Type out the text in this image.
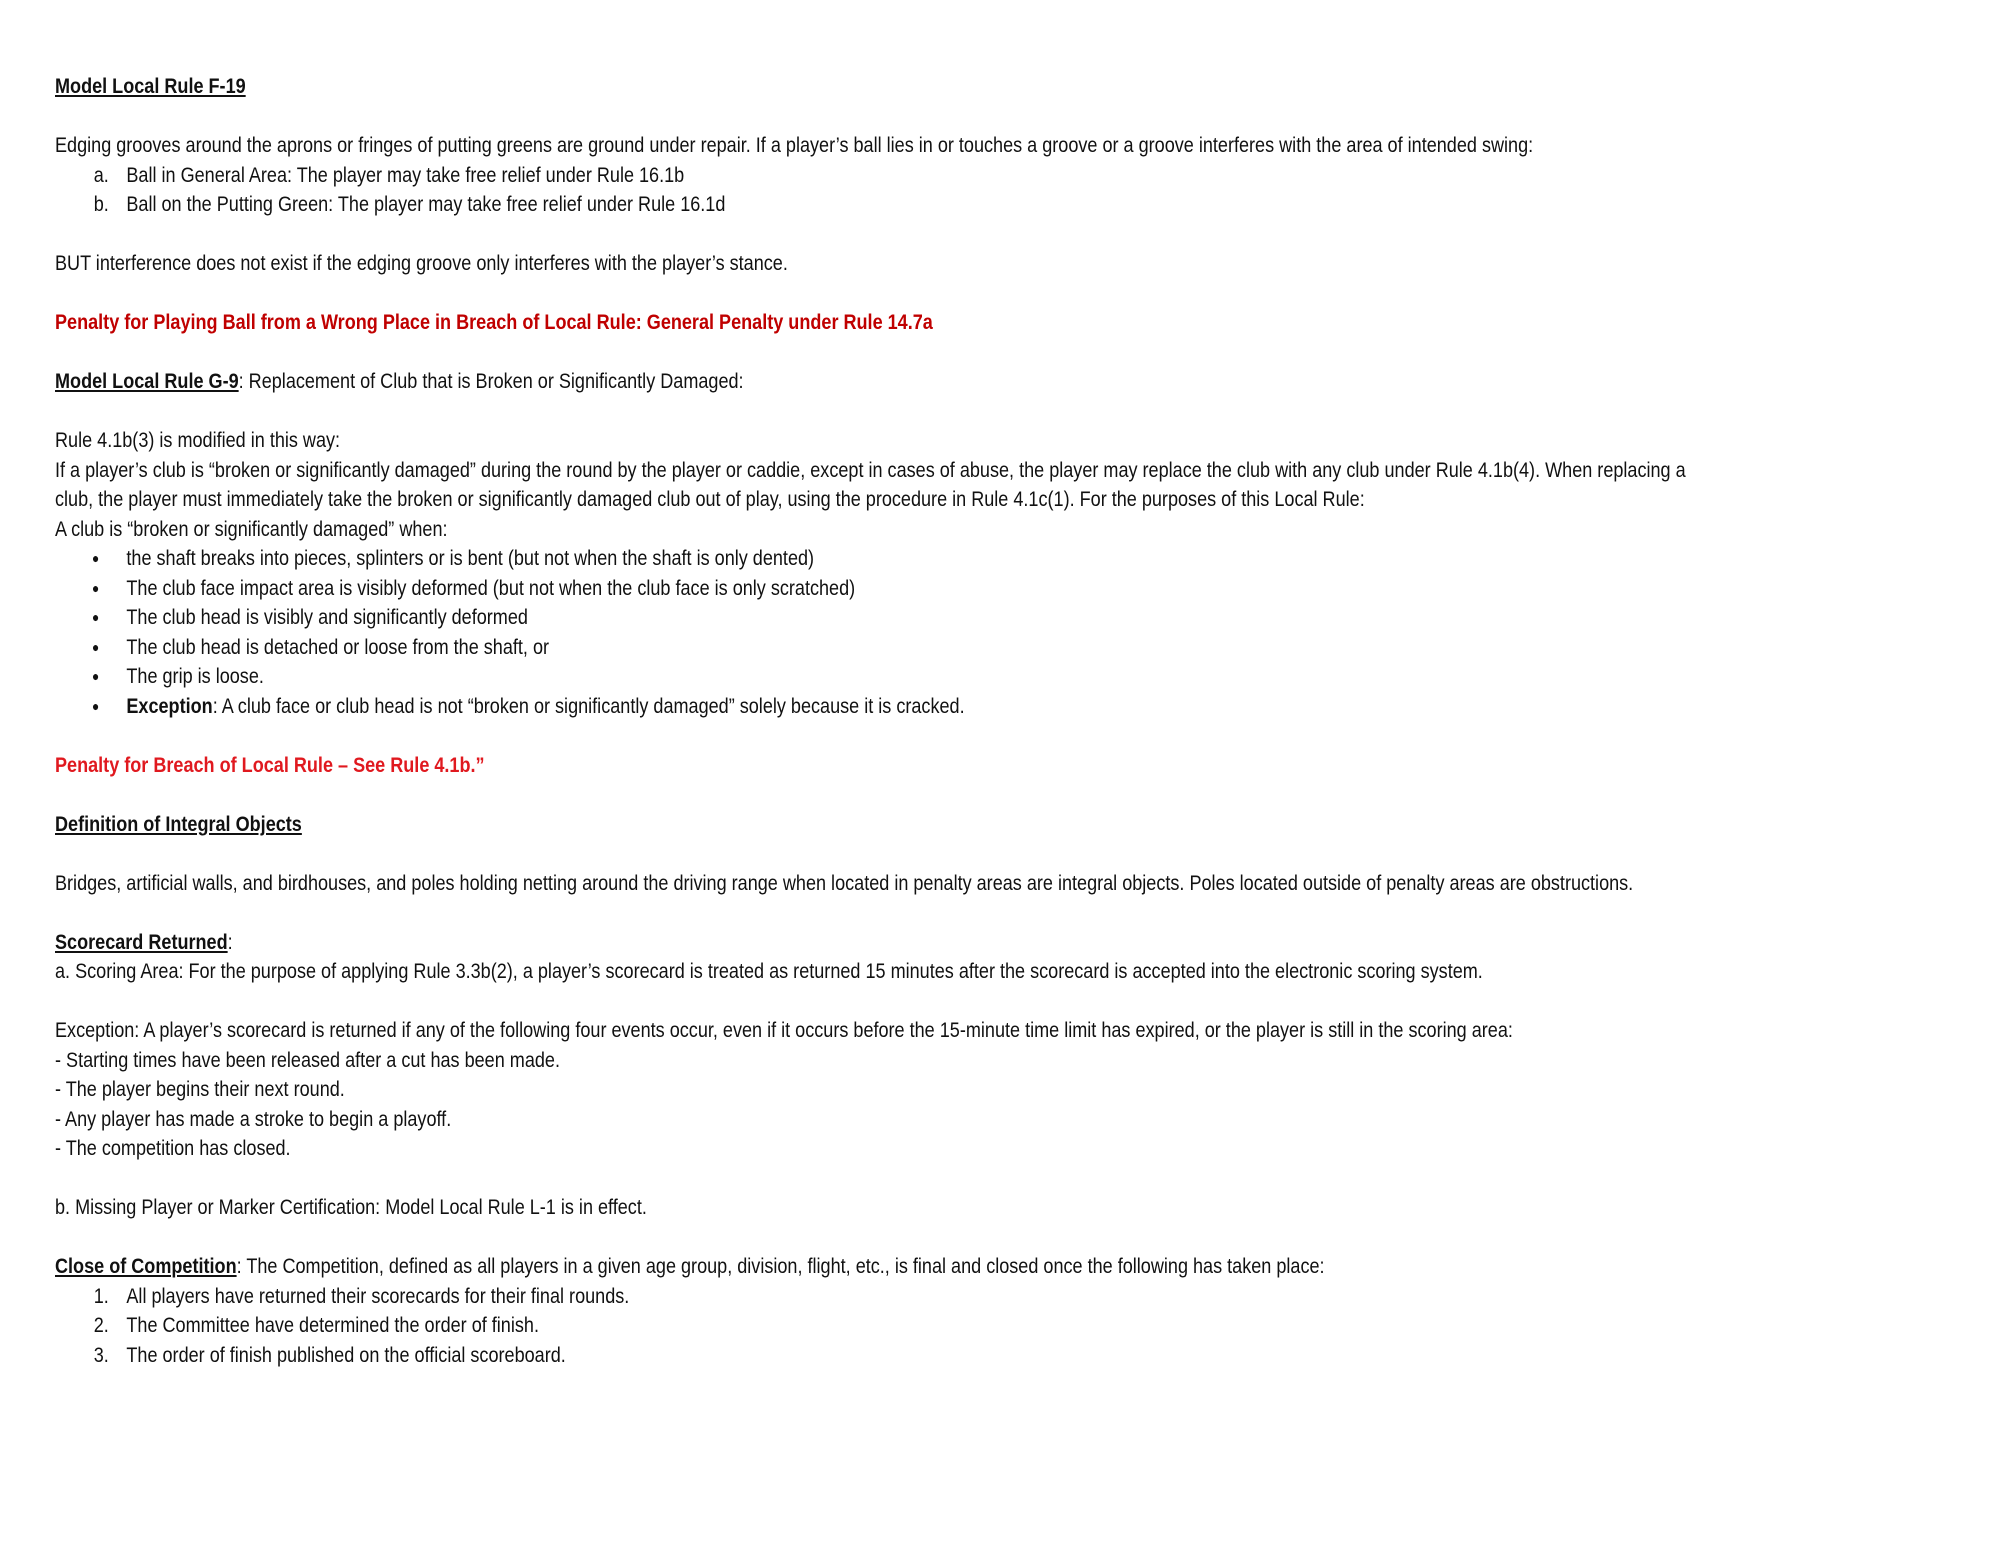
Model Local Rule F-19
Edging grooves around the aprons or fringes of putting greens are ground under repair. If a player’s ball lies in or touches a groove or a groove interferes with the area of intended swing:
a. Ball in General Area: The player may take free relief under Rule 16.1b
b. Ball on the Putting Green: The player may take free relief under Rule 16.1d
BUT interference does not exist if the edging groove only interferes with the player’s stance.
Penalty for Playing Ball from a Wrong Place in Breach of Local Rule: General Penalty under Rule 14.7a
Model Local Rule G-9: Replacement of Club that is Broken or Significantly Damaged:
Rule 4.1b(3) is modified in this way:
If a player’s club is “broken or significantly damaged” during the round by the player or caddie, except in cases of abuse, the player may replace the club with any club under Rule 4.1b(4). When replacing a
club, the player must immediately take the broken or significantly damaged club out of play, using the procedure in Rule 4.1c(1). For the purposes of this Local Rule:
A club is “broken or significantly damaged” when:
● the shaft breaks into pieces, splinters or is bent (but not when the shaft is only dented)
● The club face impact area is visibly deformed (but not when the club face is only scratched)
● The club head is visibly and significantly deformed
● The club head is detached or loose from the shaft, or
● The grip is loose.
● Exception: A club face or club head is not “broken or significantly damaged” solely because it is cracked.
Penalty for Breach of Local Rule – See Rule 4.1b.”
Definition of Integral Objects
Bridges, artificial walls, and birdhouses, and poles holding netting around the driving range when located in penalty areas are integral objects. Poles located outside of penalty areas are obstructions.
Scorecard Returned:
a. Scoring Area: For the purpose of applying Rule 3.3b(2), a player’s scorecard is treated as returned 15 minutes after the scorecard is accepted into the electronic scoring system.
Exception: A player’s scorecard is returned if any of the following four events occur, even if it occurs before the 15-minute time limit has expired, or the player is still in the scoring area:
- Starting times have been released after a cut has been made.
- The player begins their next round.
- Any player has made a stroke to begin a playoff.
- The competition has closed.
b. Missing Player or Marker Certification: Model Local Rule L-1 is in effect.
Close of Competition: The Competition, defined as all players in a given age group, division, flight, etc., is final and closed once the following has taken place:
1. All players have returned their scorecards for their final rounds.
2. The Committee have determined the order of finish.
3. The order of finish published on the official scoreboard.
